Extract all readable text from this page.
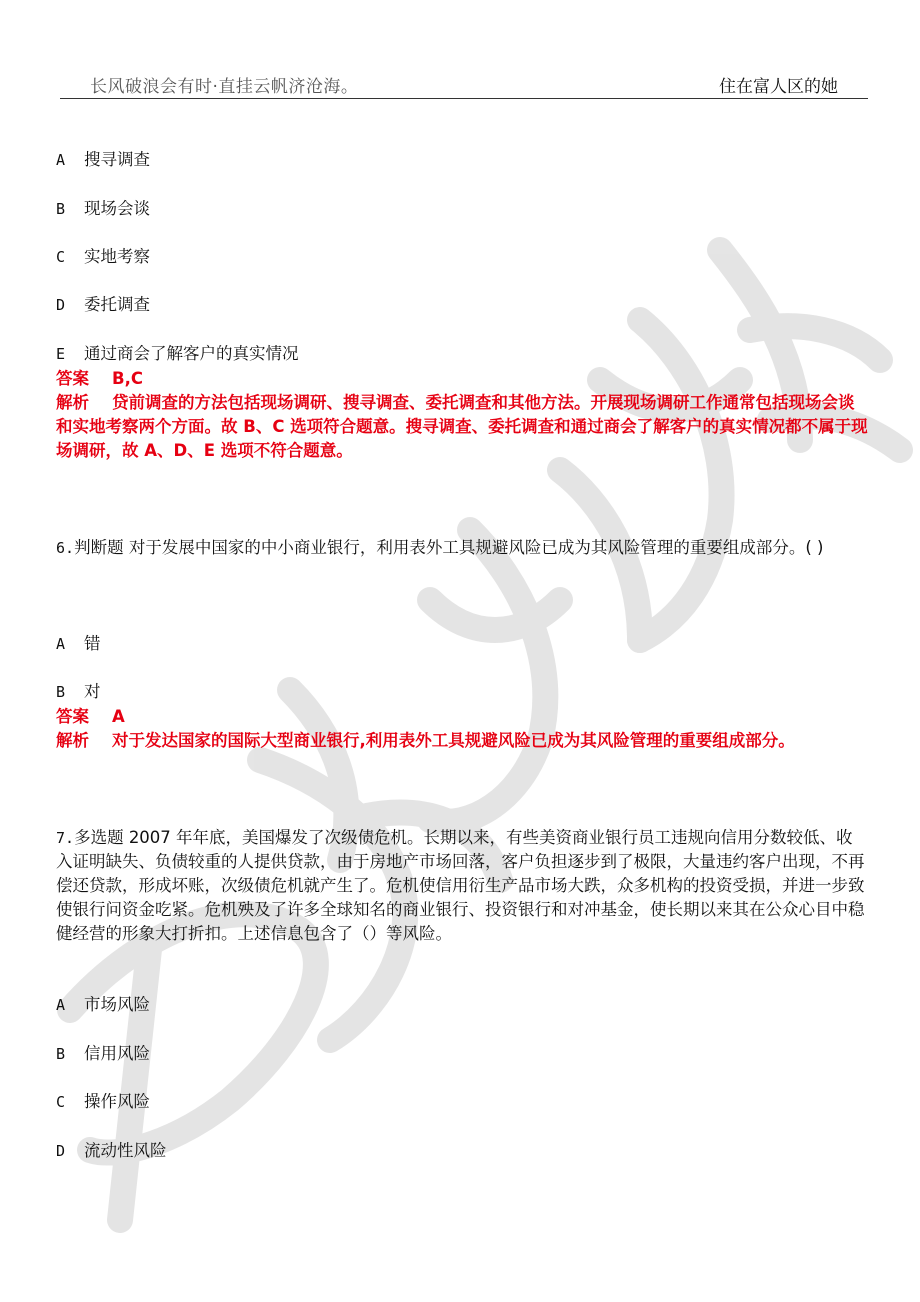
长风破浪会有时·直挂云帆济沧海。	住在富人区的她
A 搜寻调查
B 现场会谈
C 实地考察
D 委托调查
E 通过商会了解客户的真实情况
答案 B,C
解析 贷前调查的方法包括现场调研、搜寻调查、委托调查和其他方法。开展现场调研工作通常包括现场会谈和实地考察两个方面。故 B、C 选项符合题意。搜寻调查、委托调查和通过商会了解客户的真实情况都不属于现场调研，故 A、D、E 选项不符合题意。
6.判断题 对于发展中国家的中小商业银行，利用表外工具规避风险已成为其风险管理的重要组成部分。( )
A 错
B 对
答案 A
解析 对于发达国家的国际大型商业银行,利用表外工具规避风险已成为其风险管理的重要组成部分。
7.多选题 2007 年年底，美国爆发了次级债危机。长期以来，有些美资商业银行员工违规向信用分数较低、收入证明缺失、负债较重的人提供贷款，由于房地产市场回落，客户负担逐步到了极限，大量违约客户出现，不再偿还贷款，形成坏账，次级债危机就产生了。危机使信用衍生产品市场大跌，众多机构的投资受损，并进一步致使银行问资金吃紧。危机殃及了许多全球知名的商业银行、投资银行和对冲基金，使长期以来其在公众心目中稳健经营的形象大打折扣。上述信息包含了（）等风险。
A 市场风险
B 信用风险
C 操作风险
D 流动性风险
